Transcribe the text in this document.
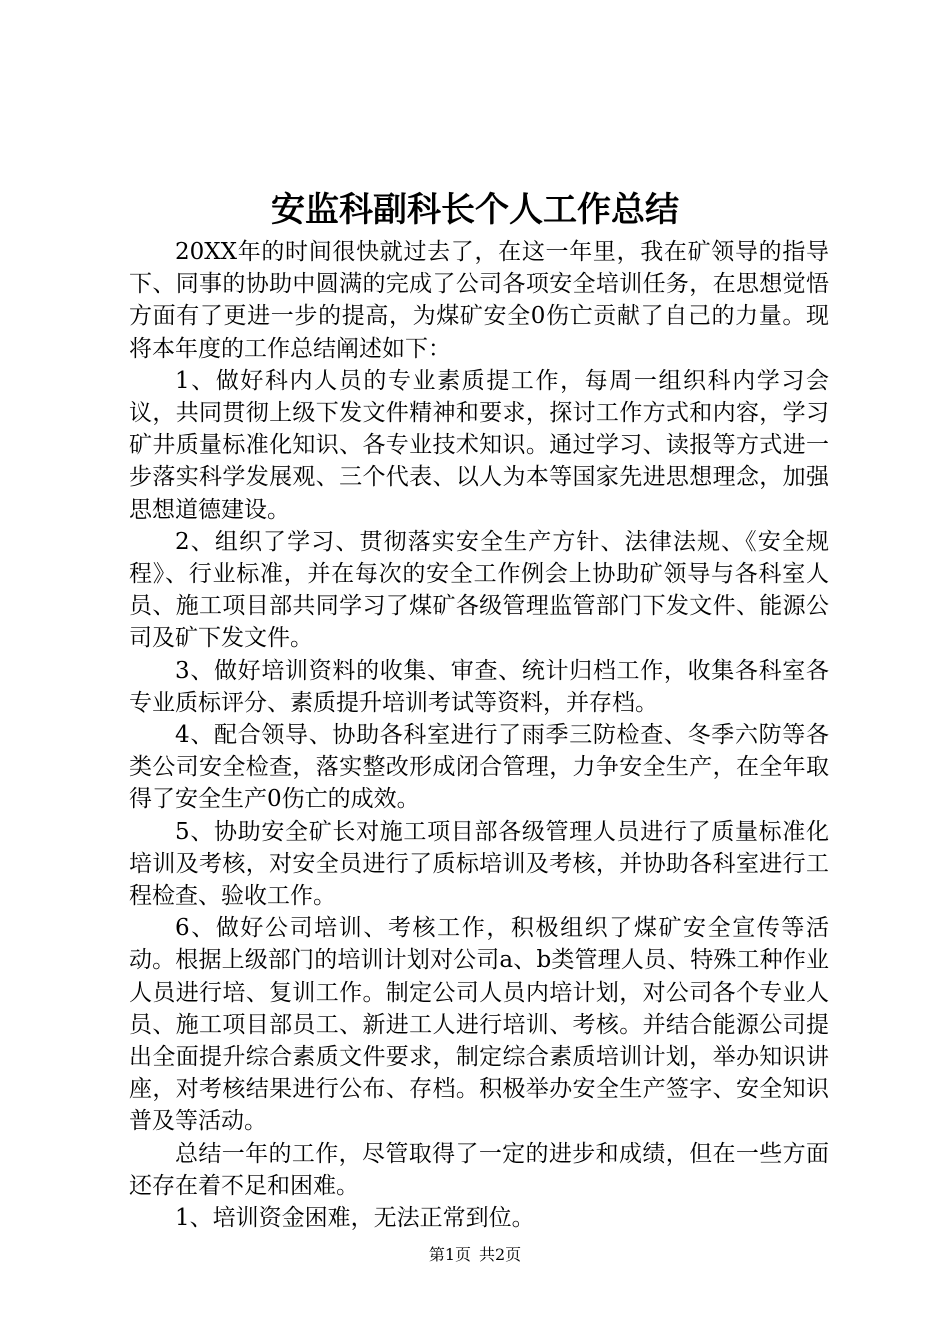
安监科副科长个人工作总结

20XX年的时间很快就过去了，在这一年里，我在矿领导的指导下、同事的协助中圆满的完成了公司各项安全培训任务，在思想觉悟方面有了更进一步的提高，为煤矿安全0伤亡贡献了自己的力量。现将本年度的工作总结阐述如下：

1、做好科内人员的专业素质提工作，每周一组织科内学习会议，共同贯彻上级下发文件精神和要求，探讨工作方式和内容，学习矿井质量标准化知识、各专业技术知识。通过学习、读报等方式进一步落实科学发展观、三个代表、以人为本等国家先进思想理念，加强思想道德建设。

2、组织了学习、贯彻落实安全生产方针、法律法规、《安全规程》、行业标准，并在每次的安全工作例会上协助矿领导与各科室人员、施工项目部共同学习了煤矿各级管理监管部门下发文件、能源公司及矿下发文件。

3、做好培训资料的收集、审查、统计归档工作，收集各科室各专业质标评分、素质提升培训考试等资料，并存档。

4、配合领导、协助各科室进行了雨季三防检查、冬季六防等各类公司安全检查，落实整改形成闭合管理，力争安全生产，在全年取得了安全生产0伤亡的成效。

5、协助安全矿长对施工项目部各级管理人员进行了质量标准化培训及考核，对安全员进行了质标培训及考核，并协助各科室进行工程检查、验收工作。

6、做好公司培训、考核工作，积极组织了煤矿安全宣传等活动。根据上级部门的培训计划对公司a、b类管理人员、特殊工种作业人员进行培、复训工作。制定公司人员内培计划，对公司各个专业人员、施工项目部员工、新进工人进行培训、考核。并结合能源公司提出全面提升综合素质文件要求，制定综合素质培训计划，举办知识讲座，对考核结果进行公布、存档。积极举办安全生产签字、安全知识普及等活动。

总结一年的工作，尽管取得了一定的进步和成绩，但在一些方面还存在着不足和困难。

1、培训资金困难，无法正常到位。

第1页 共2页
